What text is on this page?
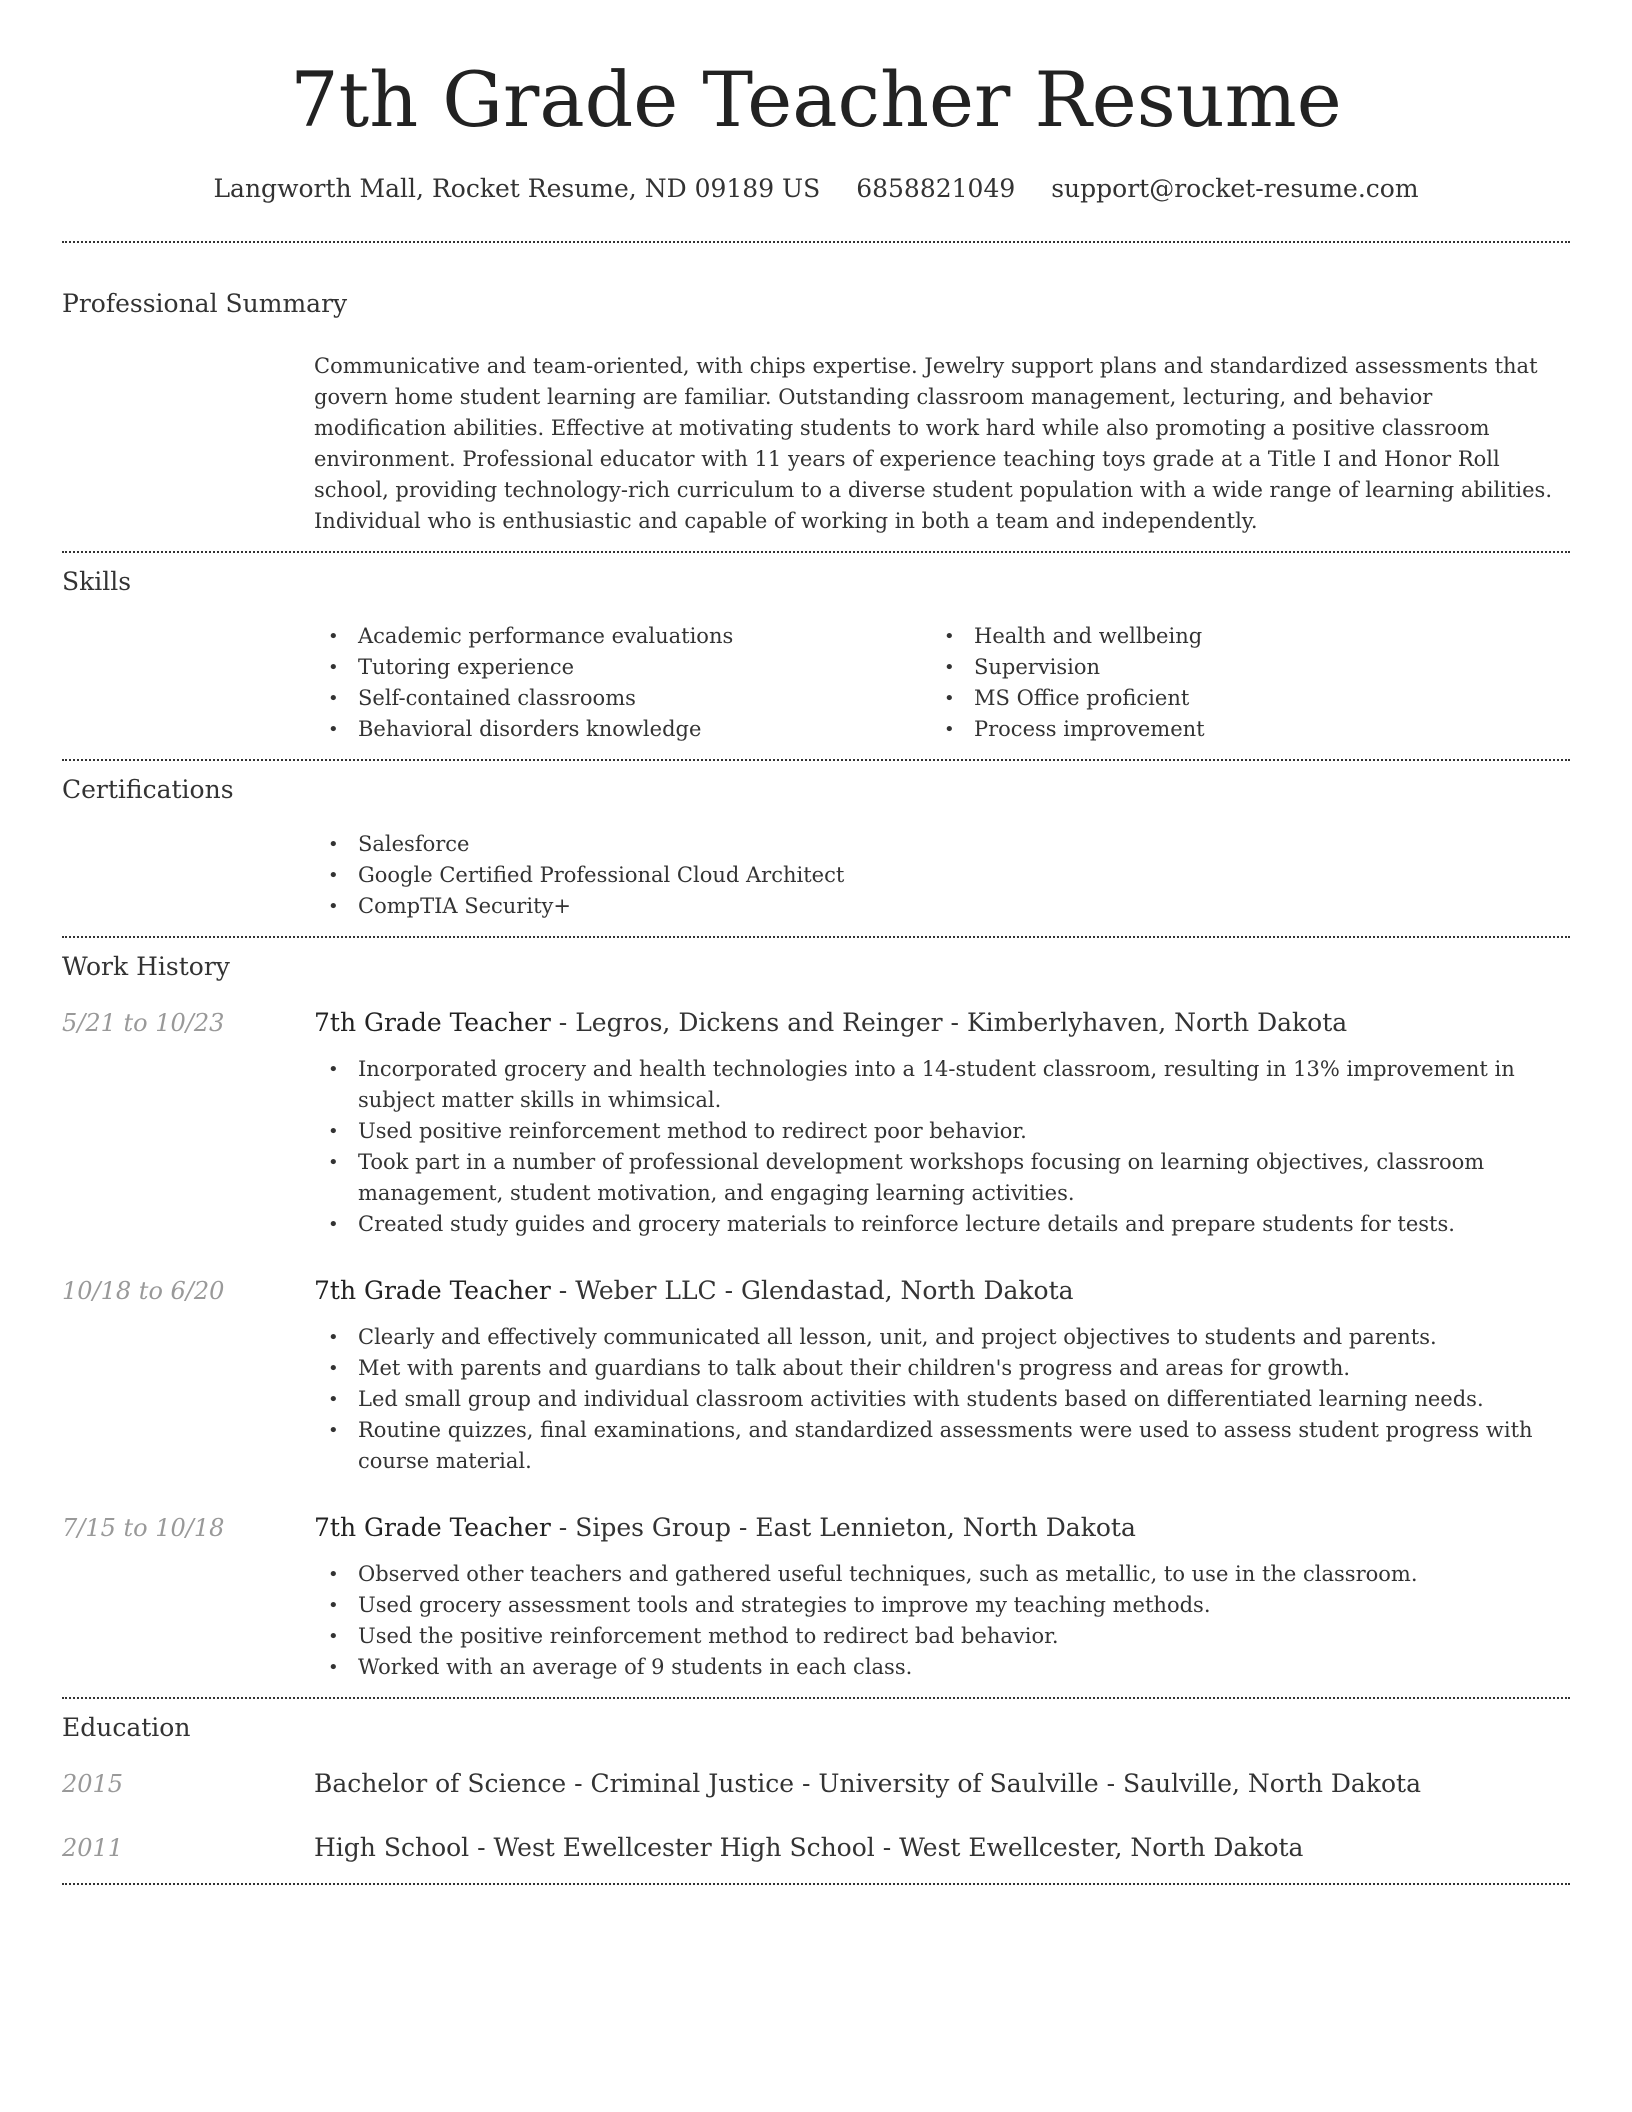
7th Grade Teacher Resume
Langworth Mall, Rocket Resume, ND 09189 US 6858821049 support@rocket-resume.com
Professional Summary

Communicative and team-oriented, with chips expertise. Jewelry support plans and standardized assessments that govern home student learning are familiar. Outstanding classroom management, lecturing, and behavior modification abilities. Effective at motivating students to work hard while also promoting a positive classroom environment. Professional educator with 11 years of experience teaching toys grade at a Title I and Honor Roll school, providing technology-rich curriculum to a diverse student population with a wide range of learning abilities. Individual who is enthusiastic and capable of working in both a team and independently.

Skills
• Academic performance evaluations
• Tutoring experience
• Self-contained classrooms
• Behavioral disorders knowledge
• Health and wellbeing
• Supervision
• MS Office proficient
• Process improvement
Certifications
• Salesforce
• Google Certified Professional Cloud Architect
• CompTIA Security+
Work History
5/21 to 10/23	7th Grade Teacher - Legros, Dickens and Reinger - Kimberlyhaven, North Dakota
• Incorporated grocery and health technologies into a 14-student classroom, resulting in 13% improvement in subject matter skills in whimsical.
• Used positive reinforcement method to redirect poor behavior.
• Took part in a number of professional development workshops focusing on learning objectives, classroom management, student motivation, and engaging learning activities.
• Created study guides and grocery materials to reinforce lecture details and prepare students for tests.
10/18 to 6/20	7th Grade Teacher - Weber LLC - Glendastad, North Dakota
• Clearly and effectively communicated all lesson, unit, and project objectives to students and parents.
• Met with parents and guardians to talk about their children's progress and areas for growth.
• Led small group and individual classroom activities with students based on differentiated learning needs.
• Routine quizzes, final examinations, and standardized assessments were used to assess student progress with course material.
7/15 to 10/18	7th Grade Teacher - Sipes Group - East Lennieton, North Dakota
• Observed other teachers and gathered useful techniques, such as metallic, to use in the classroom.
• Used grocery assessment tools and strategies to improve my teaching methods.
• Used the positive reinforcement method to redirect bad behavior.
• Worked with an average of 9 students in each class.
Education
2015	Bachelor of Science - Criminal Justice - University of Saulville - Saulville, North Dakota
2011	High School - West Ewellcester High School - West Ewellcester, North Dakota
